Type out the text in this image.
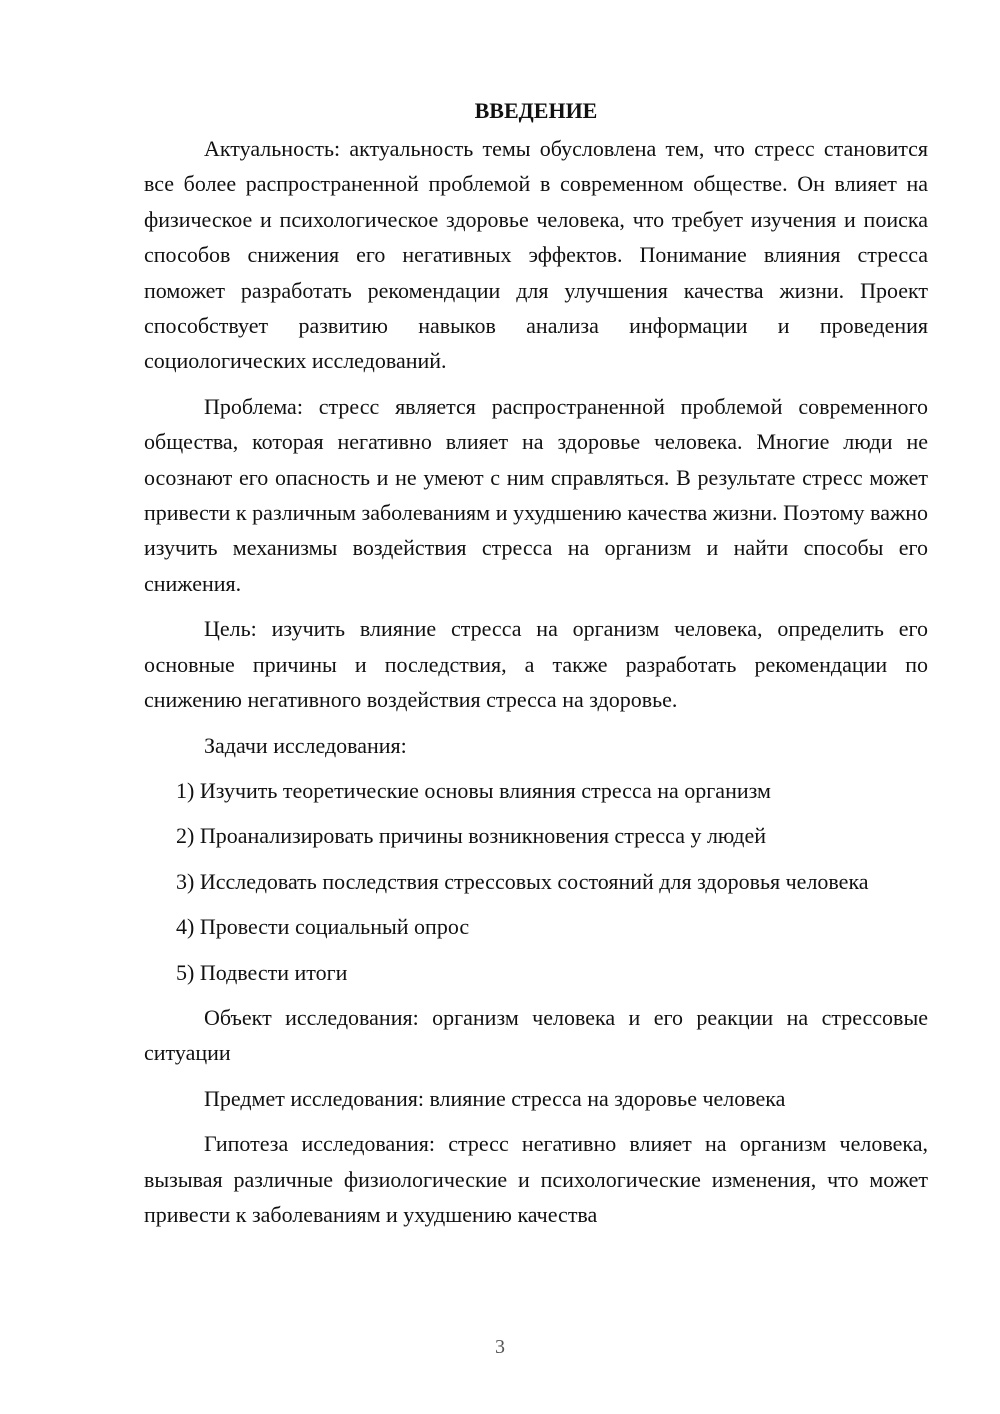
ВВЕДЕНИЕ

Актуальность: актуальность темы обусловлена тем, что стресс становится все более распространенной проблемой в современном обществе. Он влияет на физическое и психологическое здоровье человека, что требует изучения и поиска способов снижения его негативных эффектов. Понимание влияния стресса поможет разработать рекомендации для улучшения качества жизни. Проект способствует развитию навыков анализа информации и проведения социологических исследований.

Проблема: стресс является распространенной проблемой современного общества, которая негативно влияет на здоровье человека. Многие люди не осознают его опасность и не умеют с ним справляться. В результате стресс может привести к различным заболеваниям и ухудшению качества жизни. Поэтому важно изучить механизмы воздействия стресса на организм и найти способы его снижения.

Цель: изучить влияние стресса на организм человека, определить его основные причины и последствия, а также разработать рекомендации по снижению негативного воздействия стресса на здоровье.

Задачи исследования:

1) Изучить теоретические основы влияния стресса на организм

2) Проанализировать причины возникновения стресса у людей

3) Исследовать последствия стрессовых состояний для здоровья человека

4) Провести социальный опрос

5) Подвести итоги

Объект исследования: организм человека и его реакции на стрессовые ситуации

Предмет исследования: влияние стресса на здоровье человека

Гипотеза исследования: стресс негативно влияет на организм человека, вызывая различные физиологические и психологические изменения, что может привести к заболеваниям и ухудшению качества

3
